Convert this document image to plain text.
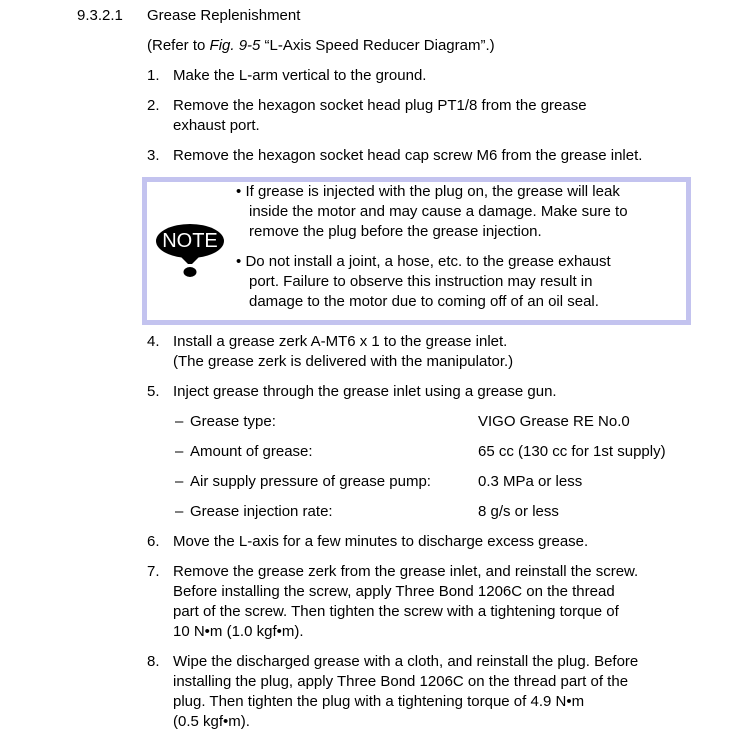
9.3.2.1 Grease Replenishment
(Refer to Fig. 9-5 “L-Axis Speed Reducer Diagram”.)
1. Make the L-arm vertical to the ground.
2. Remove the hexagon socket head plug PT1/8 from the grease
exhaust port.
3. Remove the hexagon socket head cap screw M6 from the grease inlet.
NOTE
• If grease is injected with the plug on, the grease will leak
inside the motor and may cause a damage. Make sure to
remove the plug before the grease injection.
• Do not install a joint, a hose, etc. to the grease exhaust
port. Failure to observe this instruction may result in
damage to the motor due to coming off of an oil seal.
4. Install a grease zerk A-MT6 x 1 to the grease inlet.
(The grease zerk is delivered with the manipulator.)
5. Inject grease through the grease inlet using a grease gun.
– Grease type:	VIGO Grease RE No.0
– Amount of grease:	65 cc (130 cc for 1st supply)
– Air supply pressure of grease pump:	0.3 MPa or less
– Grease injection rate:	8 g/s or less
6. Move the L-axis for a few minutes to discharge excess grease.
7. Remove the grease zerk from the grease inlet, and reinstall the screw.
Before installing the screw, apply Three Bond 1206C on the thread
part of the screw. Then tighten the screw with a tightening torque of
10 N•m (1.0 kgf•m).
8. Wipe the discharged grease with a cloth, and reinstall the plug. Before
installing the plug, apply Three Bond 1206C on the thread part of the
plug. Then tighten the plug with a tightening torque of 4.9 N•m
(0.5 kgf•m).
